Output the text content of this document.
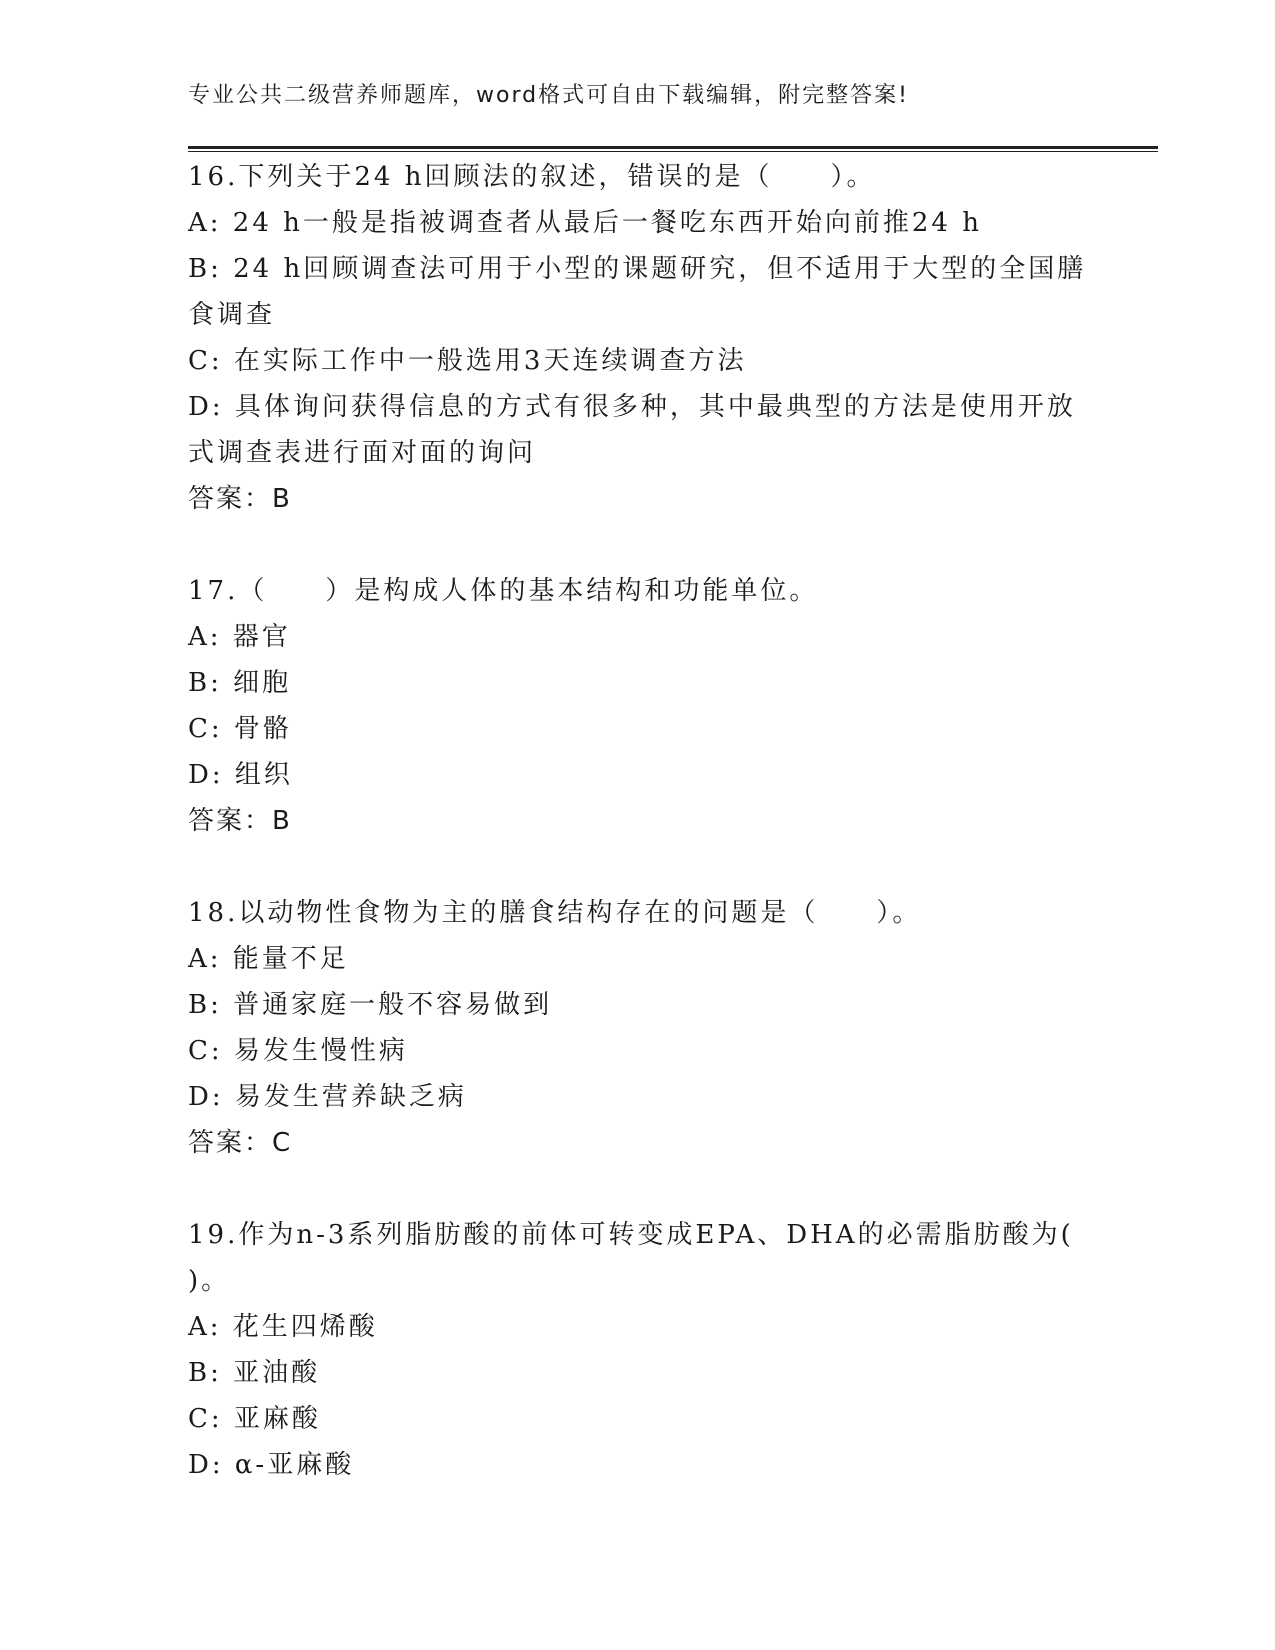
专业公共二级营养师题库，word格式可自由下载编辑，附完整答案!

16.下列关于24 h回顾法的叙述，错误的是（　　）。

A: 24 h一般是指被调查者从最后一餐吃东西开始向前推24 h

B: 24 h回顾调查法可用于小型的课题研究，但不适用于大型的全国膳食调查

C: 在实际工作中一般选用3天连续调查方法

D: 具体询问获得信息的方式有很多种，其中最典型的方法是使用开放式调查表进行面对面的询问

答案：B

17.（　　）是构成人体的基本结构和功能单位。

A: 器官

B: 细胞

C: 骨骼

D: 组织

答案：B

18.以动物性食物为主的膳食结构存在的问题是（　　）。

A: 能量不足

B: 普通家庭一般不容易做到

C: 易发生慢性病

D: 易发生营养缺乏病

答案：C

19.作为n-3系列脂肪酸的前体可转变成EPA、DHA的必需脂肪酸为( )。

A: 花生四烯酸

B: 亚油酸

C: 亚麻酸

D: α-亚麻酸
